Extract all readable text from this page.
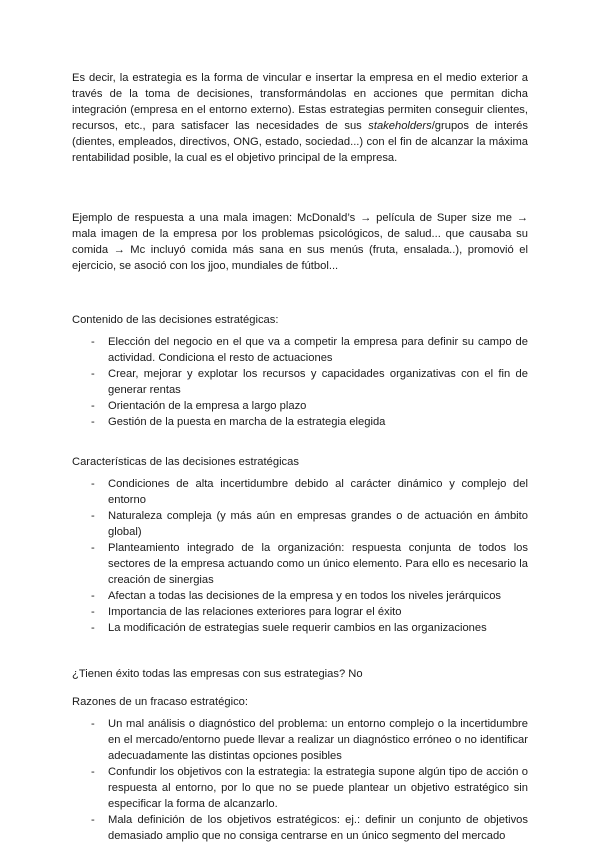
Es decir, la estrategia es la forma de vincular e insertar la empresa en el medio exterior a través de la toma de decisiones, transformándolas en acciones que permitan dicha integración (empresa en el entorno externo). Estas estrategias permiten conseguir clientes, recursos, etc., para satisfacer las necesidades de sus stakeholders/grupos de interés (dientes, empleados, directivos, ONG, estado, sociedad...) con el fin de alcanzar la máxima rentabilidad posible, la cual es el objetivo principal de la empresa.

Ejemplo de respuesta a una mala imagen: McDonald’s → película de Super size me → mala imagen de la empresa por los problemas psicológicos, de salud... que causaba su comida → Mc incluyó comida más sana en sus menús (fruta, ensalada..), promovió el ejercicio, se asoció con los jjoo, mundiales de fútbol...

Contenido de las decisiones estratégicas:

- Elección del negocio en el que va a competir la empresa para definir su campo de actividad. Condiciona el resto de actuaciones
- Crear, mejorar y explotar los recursos y capacidades organizativas con el fin de generar rentas
- Orientación de la empresa a largo plazo
- Gestión de la puesta en marcha de la estrategia elegida

Características de las decisiones estratégicas

- Condiciones de alta incertidumbre debido al carácter dinámico y complejo del entorno
- Naturaleza compleja (y más aún en empresas grandes o de actuación en ámbito global)
- Planteamiento integrado de la organización: respuesta conjunta de todos los sectores de la empresa actuando como un único elemento. Para ello es necesario la creación de sinergias
- Afectan a todas las decisiones de la empresa y en todos los niveles jerárquicos
- Importancia de las relaciones exteriores para lograr el éxito
- La modificación de estrategias suele requerir cambios en las organizaciones

¿Tienen éxito todas las empresas con sus estrategias? No

Razones de un fracaso estratégico:

- Un mal análisis o diagnóstico del problema: un entorno complejo o la incertidumbre en el mercado/entorno puede llevar a realizar un diagnóstico erróneo o no identificar adecuadamente las distintas opciones posibles
- Confundir los objetivos con la estrategia: la estrategia supone algún tipo de acción o respuesta al entorno, por lo que no se puede plantear un objetivo estratégico sin especificar la forma de alcanzarlo.
- Mala definición de los objetivos estratégicos: ej.: definir un conjunto de objetivos demasiado amplio que no consiga centrarse en un único segmento del mercado
